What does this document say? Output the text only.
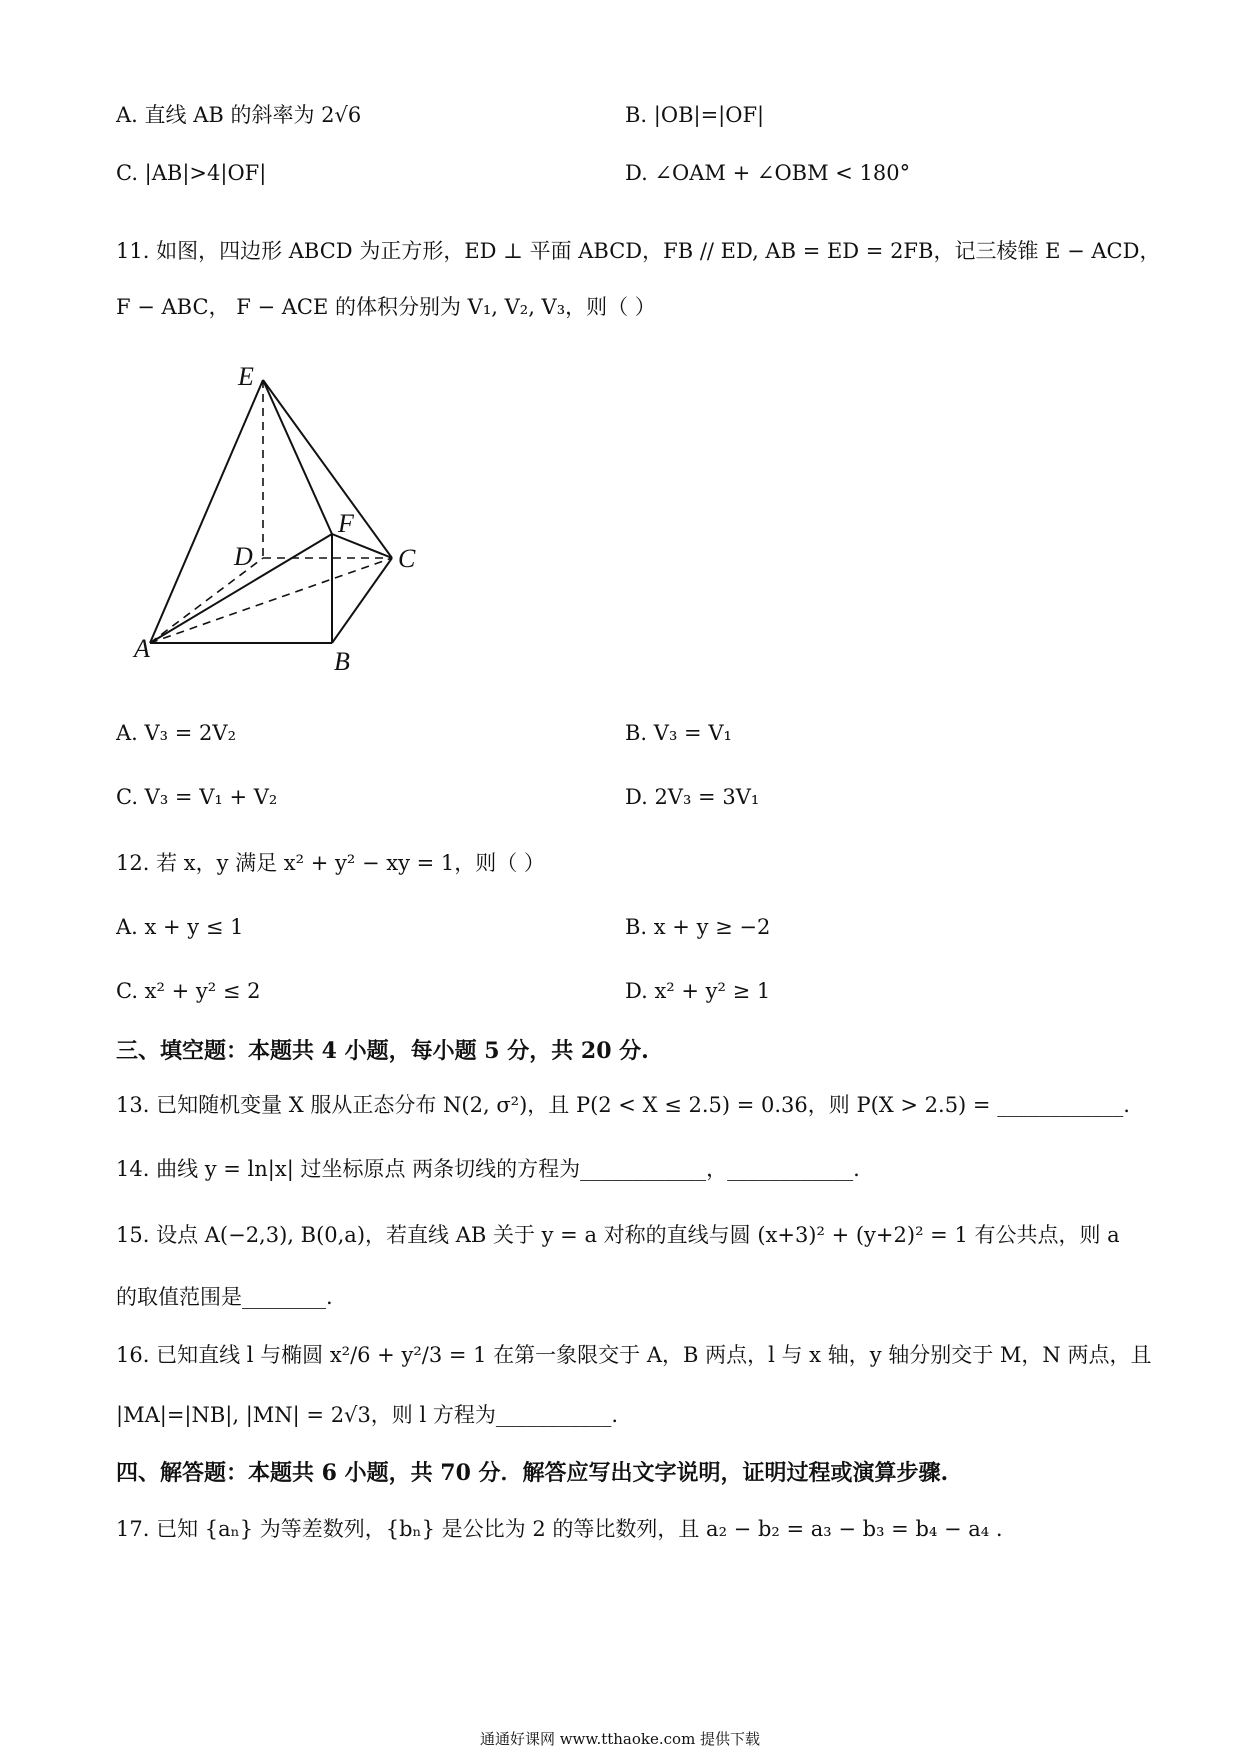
A. 直线 AB 的斜率为 2√6	B. |OB|=|OF|
C. |AB|>4|OF|	D. ∠OAM + ∠OBM < 180°
11. 如图，四边形 ABCD 为正方形，ED ⊥ 平面 ABCD，FB // ED, AB = ED = 2FB，记三棱锥 E − ACD，
F − ABC， F − ACE 的体积分别为 V₁, V₂, V₃，则（ ）
E
F
D	C
A	B
A. V₃ = 2V₂	B. V₃ = V₁
C. V₃ = V₁ + V₂	D. 2V₃ = 3V₁
12. 若 x，y 满足 x² + y² − xy = 1，则（ ）
A. x + y ≤ 1	B. x + y ≥ −2
C. x² + y² ≤ 2	D. x² + y² ≥ 1
三、填空题：本题共 4 小题，每小题 5 分，共 20 分.
13. 已知随机变量 X 服从正态分布 N(2, σ²)，且 P(2 < X ≤ 2.5) = 0.36，则 P(X > 2.5) = ____________.
14. 曲线 y = ln|x| 过坐标原点 两条切线的方程为____________，____________.
15. 设点 A(−2,3), B(0,a)，若直线 AB 关于 y = a 对称的直线与圆 (x+3)² + (y+2)² = 1 有公共点，则 a
的取值范围是________.
16. 已知直线 l 与椭圆 x²/6 + y²/3 = 1 在第一象限交于 A，B 两点，l 与 x 轴，y 轴分别交于 M，N 两点，且
|MA|=|NB|, |MN| = 2√3，则 l 方程为___________.
四、解答题：本题共 6 小题，共 70 分．解答应写出文字说明，证明过程或演算步骤.
17. 已知 {aₙ} 为等差数列，{bₙ} 是公比为 2 的等比数列，且 a₂ − b₂ = a₃ − b₃ = b₄ − a₄ .
通通好课网 www.tthaoke.com 提供下载
